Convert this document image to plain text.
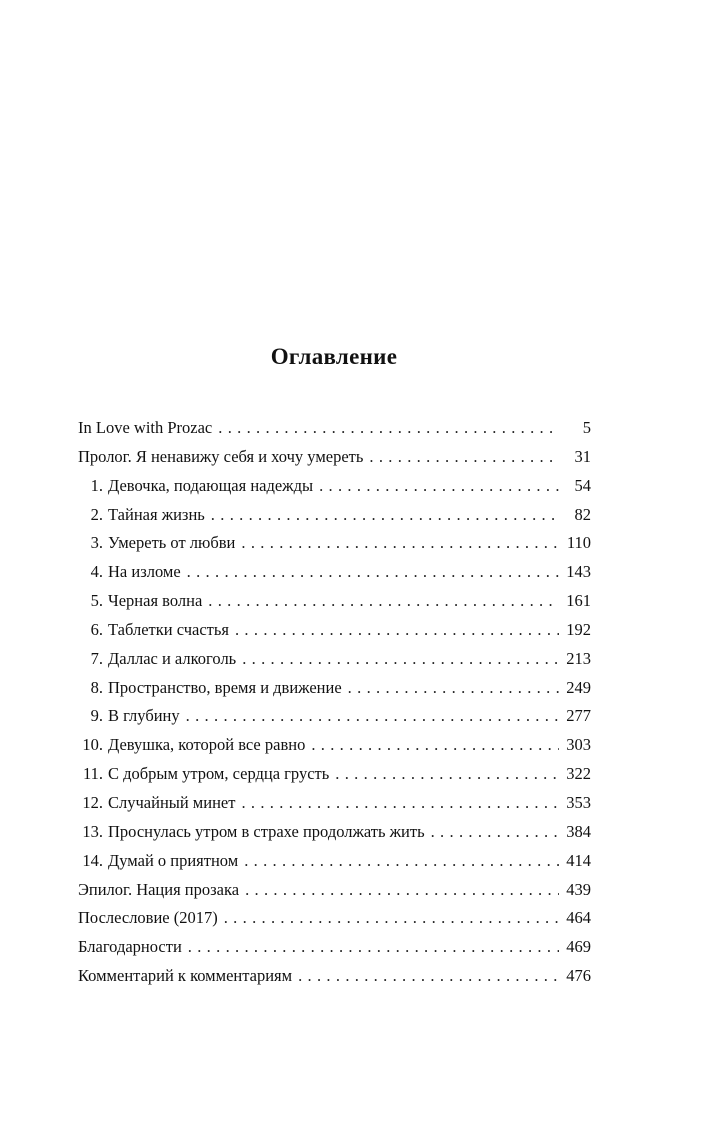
Оглавление
In Love with Prozac . . .	5
Пролог. Я ненавижу себя и хочу умереть . . .	31
1. Девочка, подающая надежды . . .	54
2. Тайная жизнь . . .	82
3. Умереть от любви . . .	110
4. На изломе . . .	143
5. Черная волна . . .	161
6. Таблетки счастья . . .	192
7. Даллас и алкоголь . . .	213
8. Пространство, время и движение . . .	249
9. В глубину . . .	277
10. Девушка, которой все равно . . .	303
11. С добрым утром, сердца грусть . . .	322
12. Случайный минет . . .	353
13. Проснулась утром в страхе продолжать жить . . .	384
14. Думай о приятном . . .	414
Эпилог. Нация прозака . . .	439
Послесловие (2017) . . .	464
Благодарности . . .	469
Комментарий к комментариям . . .	476
